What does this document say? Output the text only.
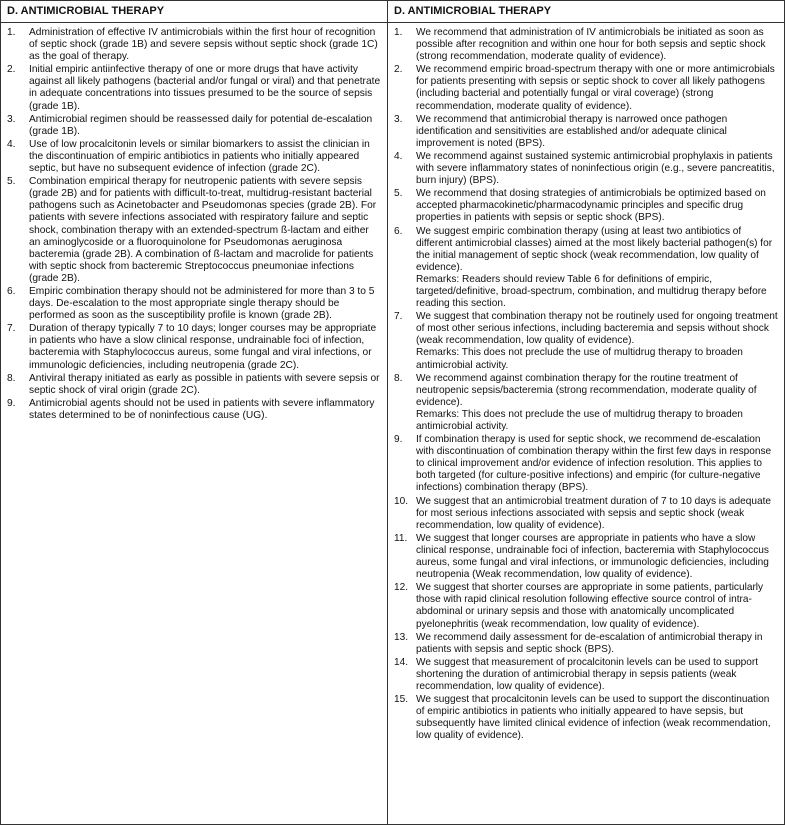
D. ANTIMICROBIAL THERAPY
1.	Administration of effective IV antimicrobials within the first hour of recognition of septic shock (grade 1B) and severe sepsis without septic shock (grade 1C) as the goal of therapy.
2.	Initial empiric antiinfective therapy of one or more drugs that have activity against all likely pathogens (bacterial and/or fungal or viral) and that penetrate in adequate concentrations into tissues presumed to be the source of sepsis (grade 1B).
3.	Antimicrobial regimen should be reassessed daily for potential de-escalation (grade 1B).
4.	Use of low procalcitonin levels or similar biomarkers to assist the clinician in the discontinuation of empiric antibiotics in patients who initially appeared septic, but have no subsequent evidence of infection (grade 2C).
5.	Combination empirical therapy for neutropenic patients with severe sepsis (grade 2B) and for patients with difficult-to-treat, multidrug-resistant bacterial pathogens such as Acinetobacter and Pseudomonas species (grade 2B). For patients with severe infections associated with respiratory failure and septic shock, combination therapy with an extended-spectrum ß-lactam and either an aminoglycoside or a fluoroquinolone for Pseudomonas aeruginosa bacteremia (grade 2B). A combination of ß-lactam and macrolide for patients with septic shock from bacteremic Streptococcus pneumoniae infections (grade 2B).
6.	Empiric combination therapy should not be administered for more than 3 to 5 days. De-escalation to the most appropriate single therapy should be performed as soon as the susceptibility profile is known (grade 2B).
7.	Duration of therapy typically 7 to 10 days; longer courses may be appropriate in patients who have a slow clinical response, undrainable foci of infection, bacteremia with Staphylococcus aureus, some fungal and viral infections, or immunologic deficiencies, including neutropenia (grade 2C).
8.	Antiviral therapy initiated as early as possible in patients with severe sepsis or septic shock of viral origin (grade 2C).
9.	Antimicrobial agents should not be used in patients with severe inflammatory states determined to be of noninfectious cause (UG).
D. ANTIMICROBIAL THERAPY
1.	We recommend that administration of IV antimicrobials be initiated as soon as possible after recognition and within one hour for both sepsis and septic shock (strong recommendation, moderate quality of evidence).
2.	We recommend empiric broad-spectrum therapy with one or more antimicrobials for patients presenting with sepsis or septic shock to cover all likely pathogens (including bacterial and potentially fungal or viral coverage) (strong recommendation, moderate quality of evidence).
3.	We recommend that antimicrobial therapy is narrowed once pathogen identification and sensitivities are established and/or adequate clinical improvement is noted (BPS).
4.	We recommend against sustained systemic antimicrobial prophylaxis in patients with severe inflammatory states of noninfectious origin (e.g., severe pancreatitis, burn injury) (BPS).
5.	We recommend that dosing strategies of antimicrobials be optimized based on accepted pharmacokinetic/pharmacodynamic principles and specific drug properties in patients with sepsis or septic shock (BPS).
6.	We suggest empiric combination therapy (using at least two antibiotics of different antimicrobial classes) aimed at the most likely bacterial pathogen(s) for the initial management of septic shock (weak recommendation, low quality of evidence).
Remarks: Readers should review Table 6 for definitions of empiric, targeted/definitive, broad-spectrum, combination, and multidrug therapy before reading this section.
7.	We suggest that combination therapy not be routinely used for ongoing treatment of most other serious infections, including bacteremia and sepsis without shock (weak recommendation, low quality of evidence).
Remarks: This does not preclude the use of multidrug therapy to broaden antimicrobial activity.
8.	We recommend against combination therapy for the routine treatment of neutropenic sepsis/bacteremia (strong recommendation, moderate quality of evidence).
Remarks: This does not preclude the use of multidrug therapy to broaden antimicrobial activity.
9.	If combination therapy is used for septic shock, we recommend de-escalation with discontinuation of combination therapy within the first few days in response to clinical improvement and/or evidence of infection resolution. This applies to both targeted (for culture-positive infections) and empiric (for culture-negative infections) combination therapy (BPS).
10. We suggest that an antimicrobial treatment duration of 7 to 10 days is adequate for most serious infections associated with sepsis and septic shock (weak recommendation, low quality of evidence).
11. We suggest that longer courses are appropriate in patients who have a slow clinical response, undrainable foci of infection, bacteremia with Staphylococcus aureus, some fungal and viral infections, or immunologic deficiencies, including neutropenia (Weak recommendation, low quality of evidence).
12. We suggest that shorter courses are appropriate in some patients, particularly those with rapid clinical resolution following effective source control of intra-abdominal or urinary sepsis and those with anatomically uncomplicated pyelonephritis (weak recommendation, low quality of evidence).
13. We recommend daily assessment for de-escalation of antimicrobial therapy in patients with sepsis and septic shock (BPS).
14. We suggest that measurement of procalcitonin levels can be used to support shortening the duration of antimicrobial therapy in sepsis patients (weak recommendation, low quality of evidence).
15. We suggest that procalcitonin levels can be used to support the discontinuation of empiric antibiotics in patients who initially appeared to have sepsis, but subsequently have limited clinical evidence of infection (weak recommendation, low quality of evidence).
